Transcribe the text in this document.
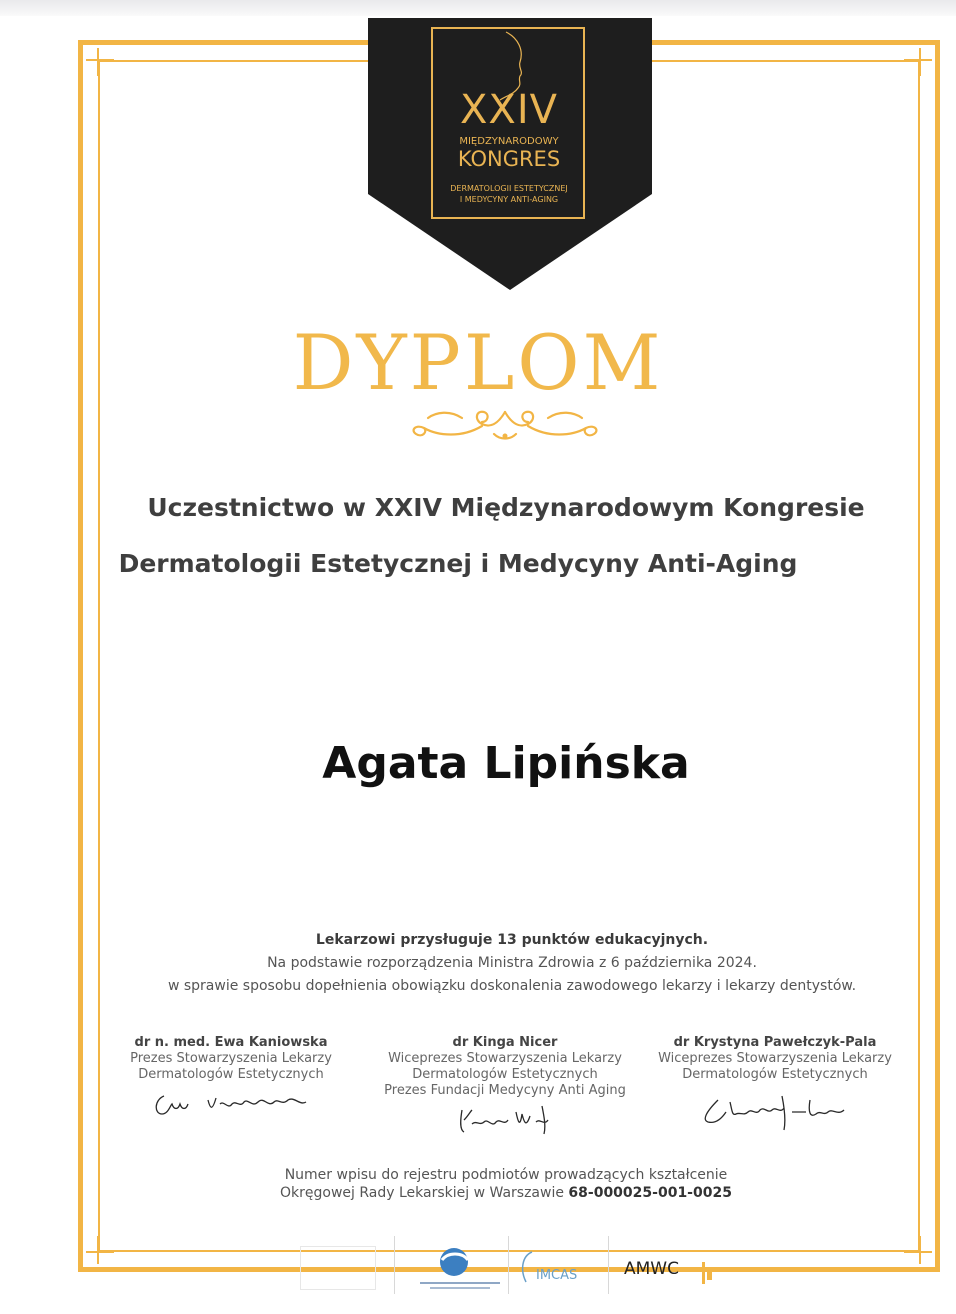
XXIV
MIĘDZYNARODOWY
KONGRES
DERMATOLOGII ESTETYCZNEJ
I MEDYCYNY ANTI-AGING
DYPLOM
Uczestnictwo w XXIV Międzynarodowym Kongresie
Dermatologii Estetycznej i Medycyny Anti-Aging
Agata Lipińska
Lekarzowi przysługuje 13 punktów edukacyjnych.
Na podstawie rozporządzenia Ministra Zdrowia z 6 października 2024.
w sprawie sposobu dopełnienia obowiązku doskonalenia zawodowego lekarzy i lekarzy dentystów.
dr n. med. Ewa Kaniowska
Prezes Stowarzyszenia Lekarzy
Dermatologów Estetycznych
dr Kinga Nicer
Wiceprezes Stowarzyszenia Lekarzy
Dermatologów Estetycznych
Prezes Fundacji Medycyny Anti Aging
dr Krystyna Pawełczyk-Pala
Wiceprezes Stowarzyszenia Lekarzy
Dermatologów Estetycznych
Numer wpisu do rejestru podmiotów prowadzących kształcenie
Okręgowej Rady Lekarskiej w Warszawie 68-000025-001-0025
IMCAS	AMWC
